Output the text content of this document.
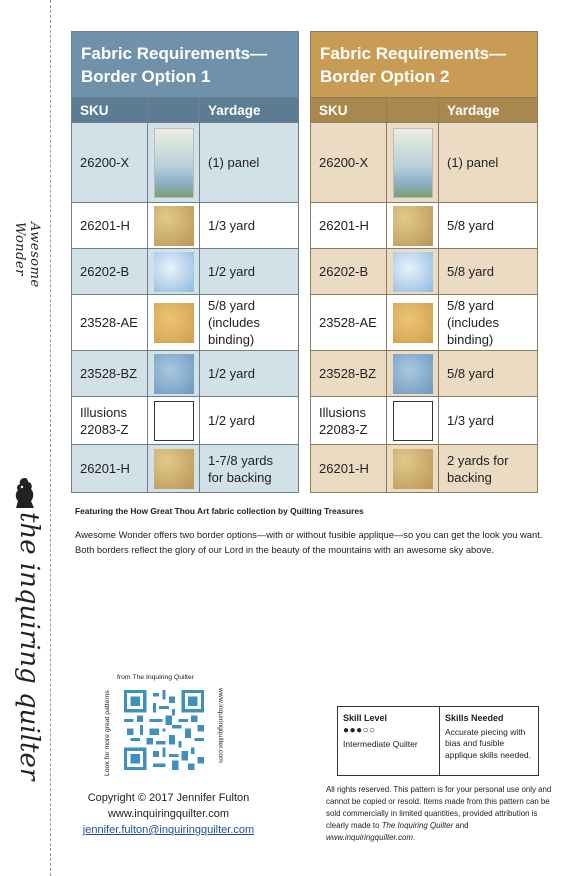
Awesome Wonder
the inquiring quilter
Fabric Requirements—
Border Option 1		
SKU		Yardage
26200-X		(1) panel
26201-H		1/3 yard
26202-B		1/2 yard
23528-AE		5/8 yard (includes binding)
23528-BZ		1/2 yard
Illusions
22083-Z		1/2 yard
26201-H		1-7/8 yards for backing
Fabric Requirements—
Border Option 2		
SKU		Yardage
26200-X		(1) panel
26201-H		5/8 yard
26202-B		5/8 yard
23528-AE		5/8 yard (includes binding)
23528-BZ		5/8 yard
Illusions
22083-Z		1/3 yard
26201-H		2 yards for backing
Featuring the How Great Thou Art fabric collection by Quilting Treasures
Awesome Wonder offers two border options—with or without fusible applique—so you can get the look you want. Both borders reflect the glory of our Lord in the beauty of the mountains with an awesome sky above.
from The Inquiring Quilter
Look for more great patterns	www.inquiringquilter.com
Copyright © 2017 Jennifer Fulton
www.inquiringquilter.com
jennifer.fulton@inquiringquilter.com
Skill Level
●●●○○
Intermediate Quilter
Skills Needed
Accurate piecing with bias and fusible applique skills needed.
All rights reserved. This pattern is for your personal use only and cannot be copied or resold. Items made from this pattern can be sold commercially in limited quantities, provided attribution is clearly made to The Inquiring Quilter and www.inquiringquilter.com.
